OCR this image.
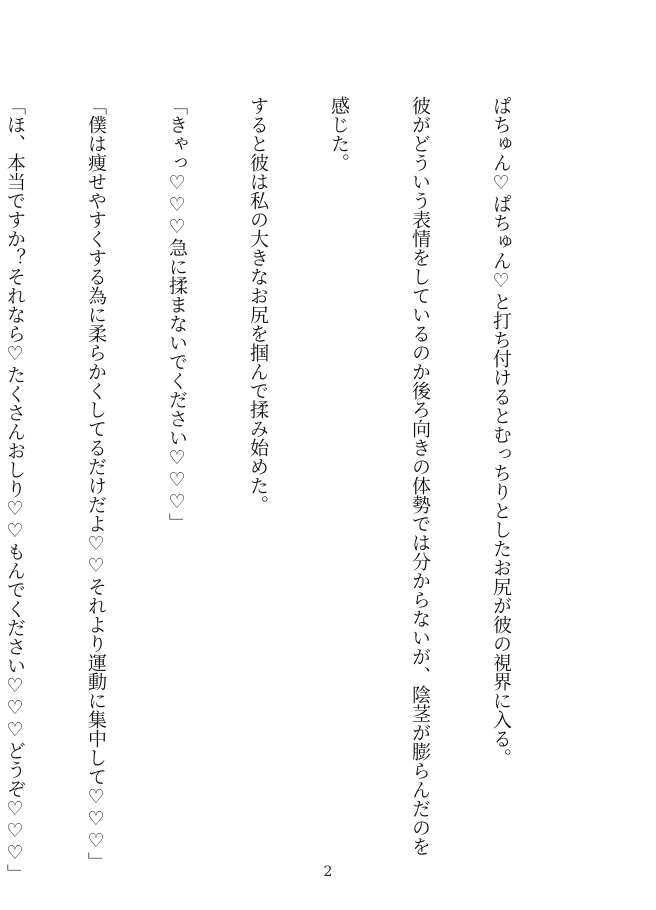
ぱちゅん♡ぱちゅん♡と打ち付けるとむっちりとしたお尻が彼の視界に入る。

彼がどういう表情をしているのか後ろ向きの体勢では分からないが、陰茎が膨らんだのを

感じた。

すると彼は私の大きなお尻を掴んで揉み始めた。

「きゃっ♡♡♡急に揉まないでください♡♡♡」

「僕は痩せやすくする為に柔らかくしてるだけだよ♡♡それより運動に集中して♡♡♡」

「ほ、本当ですか？それなら♡たくさんおしり♡♡もんでください♡♡♡どうぞ♡♡♡」

	2
